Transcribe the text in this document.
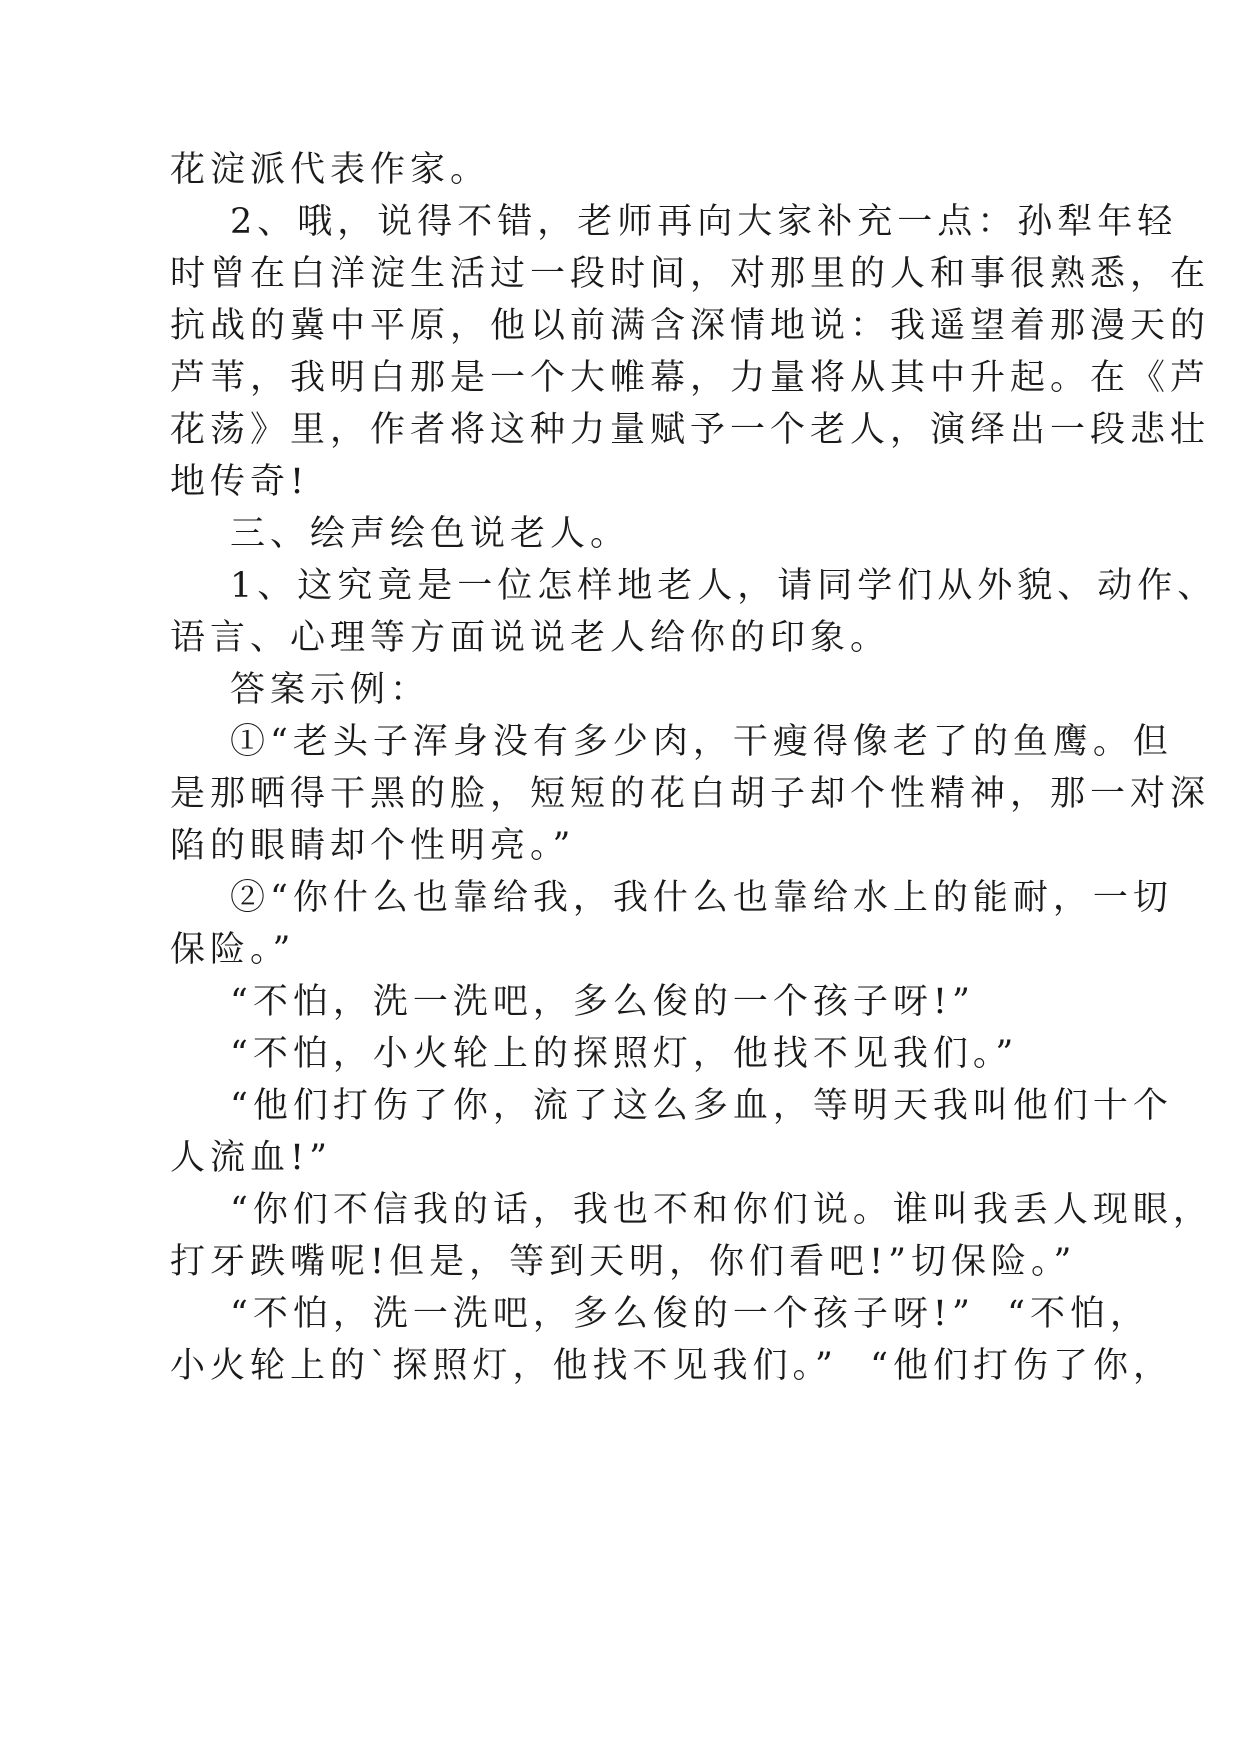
花淀派代表作家。
2、哦，说得不错，老师再向大家补充一点：孙犁年轻
时曾在白洋淀生活过一段时间，对那里的人和事很熟悉，在
抗战的冀中平原，他以前满含深情地说：我遥望着那漫天的
芦苇，我明白那是一个大帷幕，力量将从其中升起。在《芦
花荡》里，作者将这种力量赋予一个老人，演绎出一段悲壮
地传奇!
三、绘声绘色说老人。
1、这究竟是一位怎样地老人，请同学们从外貌、动作、
语言、心理等方面说说老人给你的印象。
答案示例：
①“老头子浑身没有多少肉，干瘦得像老了的鱼鹰。但
是那晒得干黑的脸，短短的花白胡子却个性精神，那一对深
陷的眼睛却个性明亮。”
②“你什么也靠给我，我什么也靠给水上的能耐，一切
保险。”
“不怕，洗一洗吧，多么俊的一个孩子呀!”
“不怕，小火轮上的探照灯，他找不见我们。”
“他们打伤了你，流了这么多血，等明天我叫他们十个
人流血!”
“你们不信我的话，我也不和你们说。谁叫我丢人现眼，
打牙跌嘴呢!但是，等到天明，你们看吧!”切保险。”
“不怕，洗一洗吧，多么俊的一个孩子呀!”  “不怕，
小火轮上的`探照灯，他找不见我们。”  “他们打伤了你，
